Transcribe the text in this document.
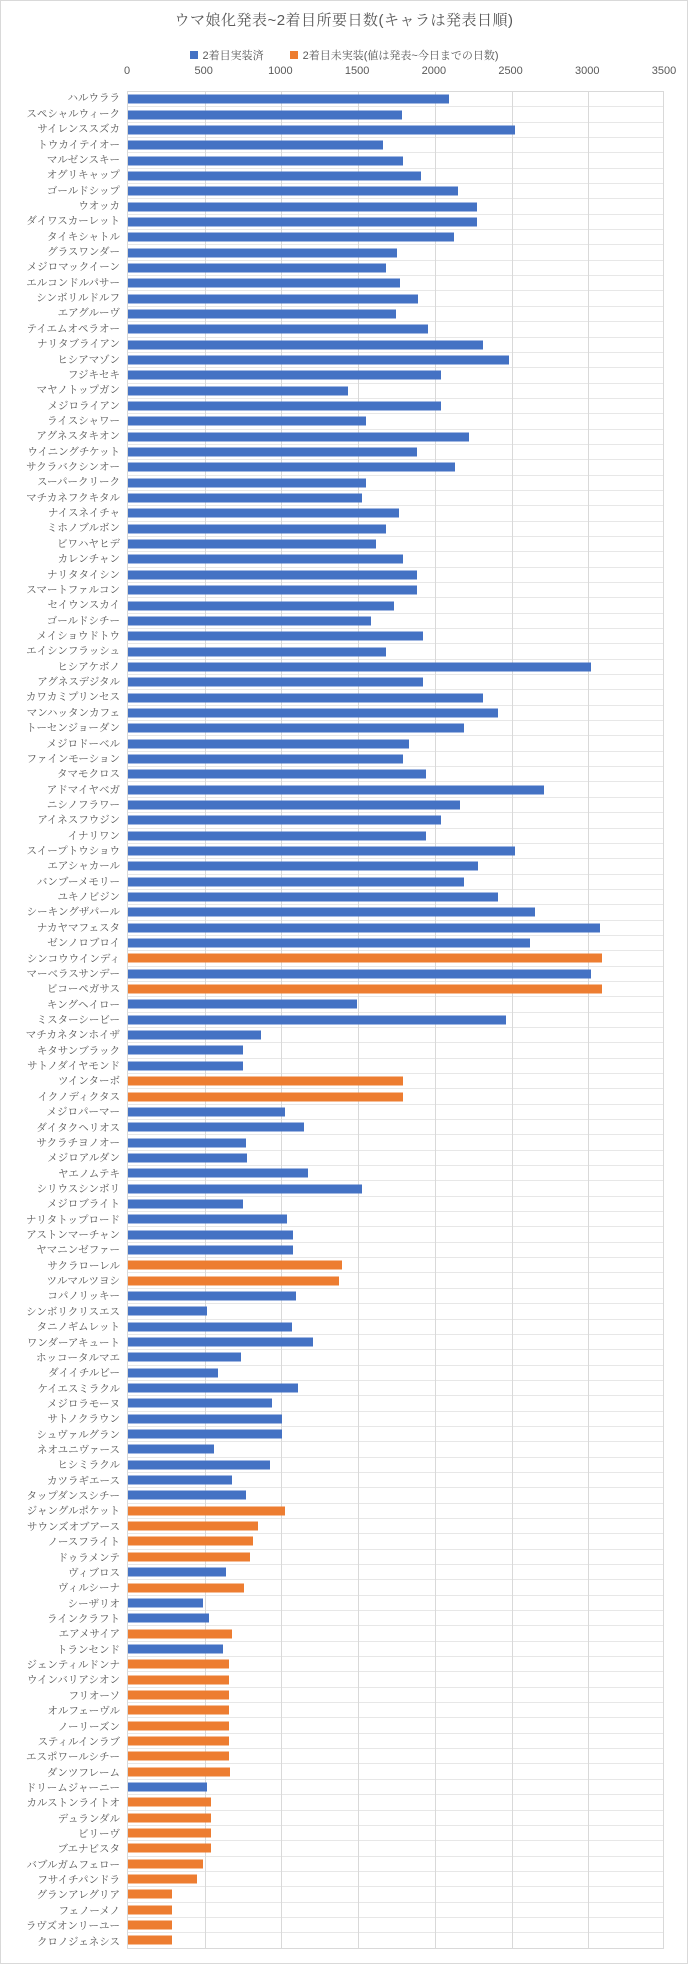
ウマ娘化発表~2着目所要日数(キャラは発表日順)
2着目実装済	2着目未実装(値は発表~今日までの日数)
0	500	1000	1500	2000	2500	3000	3500
ハルウララ
スペシャルウィーク
サイレンススズカ
トウカイテイオー
マルゼンスキー
オグリキャップ
ゴールドシップ
ウオッカ
ダイワスカーレット
タイキシャトル
グラスワンダー
メジロマックイーン
エルコンドルパサー
シンボリルドルフ
エアグルーヴ
テイエムオペラオー
ナリタブライアン
ヒシアマゾン
フジキセキ
マヤノトップガン
メジロライアン
ライスシャワー
アグネスタキオン
ウイニングチケット
サクラバクシンオー
スーパークリーク
マチカネフクキタル
ナイスネイチャ
ミホノブルボン
ビワハヤヒデ
カレンチャン
ナリタタイシン
スマートファルコン
セイウンスカイ
ゴールドシチー
メイショウドトウ
エイシンフラッシュ
ヒシアケボノ
アグネスデジタル
カワカミプリンセス
マンハッタンカフェ
トーセンジョーダン
メジロドーベル
ファインモーション
タマモクロス
アドマイヤベガ
ニシノフラワー
アイネスフウジン
イナリワン
スイープトウショウ
エアシャカール
バンブーメモリー
ユキノビジン
シーキングザパール
ナカヤマフェスタ
ゼンノロブロイ
シンコウウインディ
マーベラスサンデー
ビコーペガサス
キングヘイロー
ミスターシービー
マチカネタンホイザ
キタサンブラック
サトノダイヤモンド
ツインターボ
イクノディクタス
メジロパーマー
ダイタクヘリオス
サクラチヨノオー
メジロアルダン
ヤエノムテキ
シリウスシンボリ
メジロブライト
ナリタトップロード
アストンマーチャン
ヤマニンゼファー
サクラローレル
ツルマルツヨシ
コパノリッキー
シンボリクリスエス
タニノギムレット
ワンダーアキュート
ホッコータルマエ
ダイイチルビー
ケイエスミラクル
メジロラモーヌ
サトノクラウン
シュヴァルグラン
ネオユニヴァース
ヒシミラクル
カツラギエース
タップダンスシチー
ジャングルポケット
サウンズオブアース
ノースフライト
ドゥラメンテ
ヴィブロス
ヴィルシーナ
シーザリオ
ラインクラフト
エアメサイア
トランセンド
ジェンティルドンナ
ウインバリアシオン
フリオーソ
オルフェーヴル
ノーリーズン
スティルインラブ
エスポワールシチー
ダンツフレーム
ドリームジャーニー
カルストンライトオ
デュランダル
ビリーヴ
ブエナビスタ
バブルガムフェロー
フサイチパンドラ
グランアレグリア
フェノーメノ
ラヴズオンリーユー
クロノジェネシス
